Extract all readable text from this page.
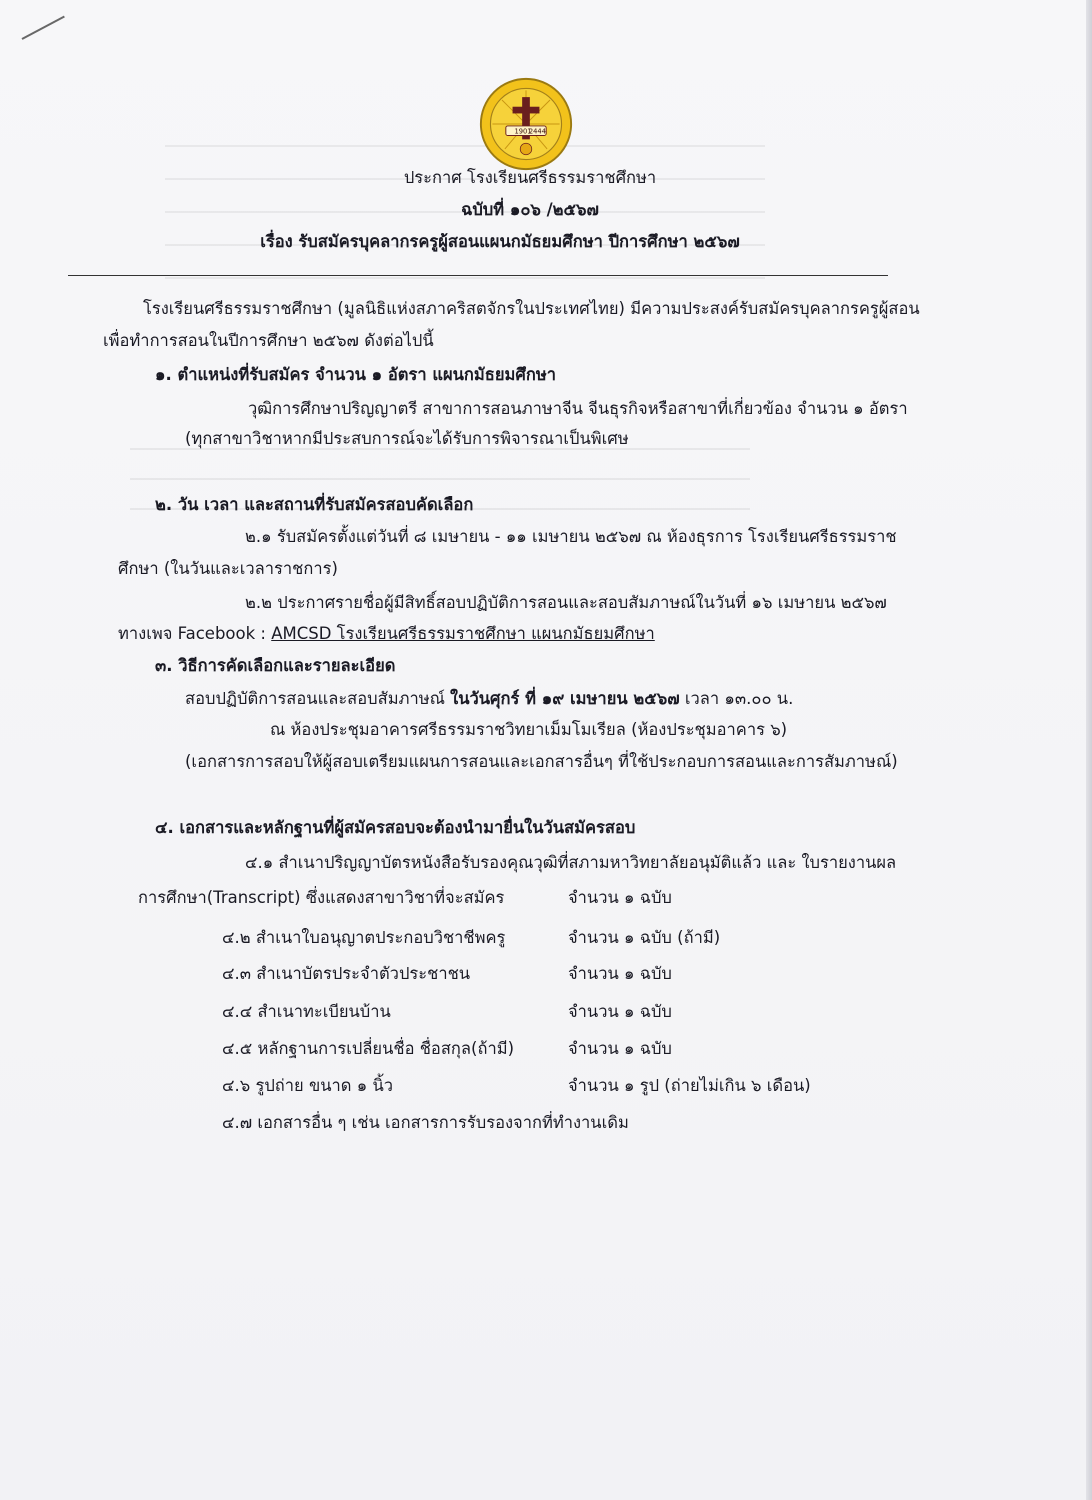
1901
2444
ประกาศ โรงเรียนศรีธรรมราชศึกษา
ฉบับที่ ๑๐๖ /๒๕๖๗
เรื่อง รับสมัครบุคลากรครูผู้สอนแผนกมัธยมศึกษา ปีการศึกษา ๒๕๖๗
โรงเรียนศรีธรรมราชศึกษา (มูลนิธิแห่งสภาคริสตจักรในประเทศไทย) มีความประสงค์รับสมัครบุคลากรครูผู้สอน
เพื่อทำการสอนในปีการศึกษา ๒๕๖๗ ดังต่อไปนี้
๑. ตำแหน่งที่รับสมัคร จำนวน ๑ อัตรา แผนกมัธยมศึกษา
วุฒิการศึกษาปริญญาตรี สาขาการสอนภาษาจีน จีนธุรกิจหรือสาขาที่เกี่ยวข้อง จำนวน ๑ อัตรา
(ทุกสาขาวิชาหากมีประสบการณ์จะได้รับการพิจารณาเป็นพิเศษ
๒. วัน เวลา และสถานที่รับสมัครสอบคัดเลือก
๒.๑ รับสมัครตั้งแต่วันที่ ๘ เมษายน - ๑๑ เมษายน ๒๕๖๗ ณ ห้องธุรการ โรงเรียนศรีธรรมราช
ศึกษา (ในวันและเวลาราชการ)
๒.๒ ประกาศรายชื่อผู้มีสิทธิ์สอบปฏิบัติการสอนและสอบสัมภาษณ์ในวันที่ ๑๖ เมษายน ๒๕๖๗
ทางเพจ Facebook : AMCSD โรงเรียนศรีธรรมราชศึกษา แผนกมัธยมศึกษา
๓. วิธีการคัดเลือกและรายละเอียด
สอบปฏิบัติการสอนและสอบสัมภาษณ์ ในวันศุกร์ ที่ ๑๙ เมษายน ๒๕๖๗ เวลา ๑๓.๐๐ น.
ณ ห้องประชุมอาคารศรีธรรมราชวิทยาเม็มโมเรียล (ห้องประชุมอาคาร ๖)
(เอกสารการสอบให้ผู้สอบเตรียมแผนการสอนและเอกสารอื่นๆ ที่ใช้ประกอบการสอนและการสัมภาษณ์)
๔. เอกสารและหลักฐานที่ผู้สมัครสอบจะต้องนำมายื่นในวันสมัครสอบ
๔.๑ สำเนาปริญญาบัตรหนังสือรับรองคุณวุฒิที่สภามหาวิทยาลัยอนุมัติแล้ว และ ใบรายงานผล
การศึกษา(Transcript) ซึ่งแสดงสาขาวิชาที่จะสมัคร	จำนวน ๑ ฉบับ
๔.๒ สำเนาใบอนุญาตประกอบวิชาชีพครู	จำนวน ๑ ฉบับ (ถ้ามี)
๔.๓ สำเนาบัตรประจำตัวประชาชน	จำนวน ๑ ฉบับ
๔.๔ สำเนาทะเบียนบ้าน	จำนวน ๑ ฉบับ
๔.๕ หลักฐานการเปลี่ยนชื่อ ชื่อสกุล(ถ้ามี)	จำนวน ๑ ฉบับ
๔.๖ รูปถ่าย ขนาด ๑ นิ้ว	จำนวน ๑ รูป (ถ่ายไม่เกิน ๖ เดือน)
๔.๗ เอกสารอื่น ๆ เช่น เอกสารการรับรองจากที่ทำงานเดิม
